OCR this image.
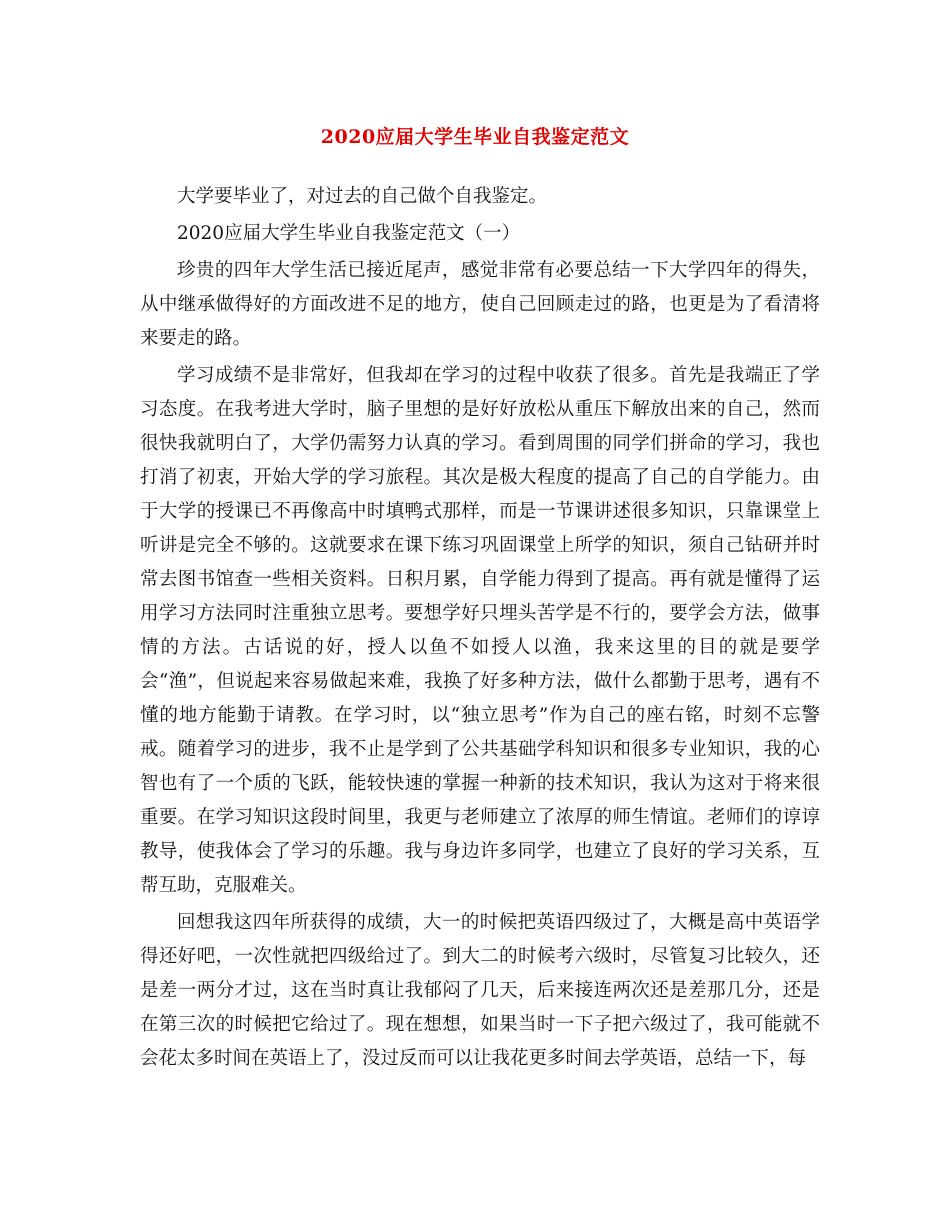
2020应届大学生毕业自我鉴定范文

大学要毕业了，对过去的自己做个自我鉴定。

2020应届大学生毕业自我鉴定范文（一）

珍贵的四年大学生活已接近尾声，感觉非常有必要总结一下大学四年的得失，从中继承做得好的方面改进不足的地方，使自己回顾走过的路，也更是为了看清将来要走的路。

学习成绩不是非常好，但我却在学习的过程中收获了很多。首先是我端正了学习态度。在我考进大学时，脑子里想的是好好放松从重压下解放出来的自己，然而很快我就明白了，大学仍需努力认真的学习。看到周围的同学们拼命的学习，我也打消了初衷，开始大学的学习旅程。其次是极大程度的提高了自己的自学能力。由于大学的授课已不再像高中时填鸭式那样，而是一节课讲述很多知识，只靠课堂上听讲是完全不够的。这就要求在课下练习巩固课堂上所学的知识，须自己钻研并时常去图书馆查一些相关资料。日积月累，自学能力得到了提高。再有就是懂得了运用学习方法同时注重独立思考。要想学好只埋头苦学是不行的，要学会方法，做事情的方法。古话说的好，授人以鱼不如授人以渔，我来这里的目的就是要学会“渔”，但说起来容易做起来难，我换了好多种方法，做什么都勤于思考，遇有不懂的地方能勤于请教。在学习时，以“独立思考”作为自己的座右铭，时刻不忘警戒。随着学习的进步，我不止是学到了公共基础学科知识和很多专业知识，我的心智也有了一个质的飞跃，能较快速的掌握一种新的技术知识，我认为这对于将来很重要。在学习知识这段时间里，我更与老师建立了浓厚的师生情谊。老师们的谆谆教导，使我体会了学习的乐趣。我与身边许多同学，也建立了良好的学习关系，互帮互助，克服难关。

回想我这四年所获得的成绩，大一的时候把英语四级过了，大概是高中英语学得还好吧，一次性就把四级给过了。到大二的时候考六级时，尽管复习比较久，还是差一两分才过，这在当时真让我郁闷了几天，后来接连两次还是差那几分，还是在第三次的时候把它给过了。现在想想，如果当时一下子把六级过了，我可能就不会花太多时间在英语上了，没过反而可以让我花更多时间去学英语，总结一下，每
